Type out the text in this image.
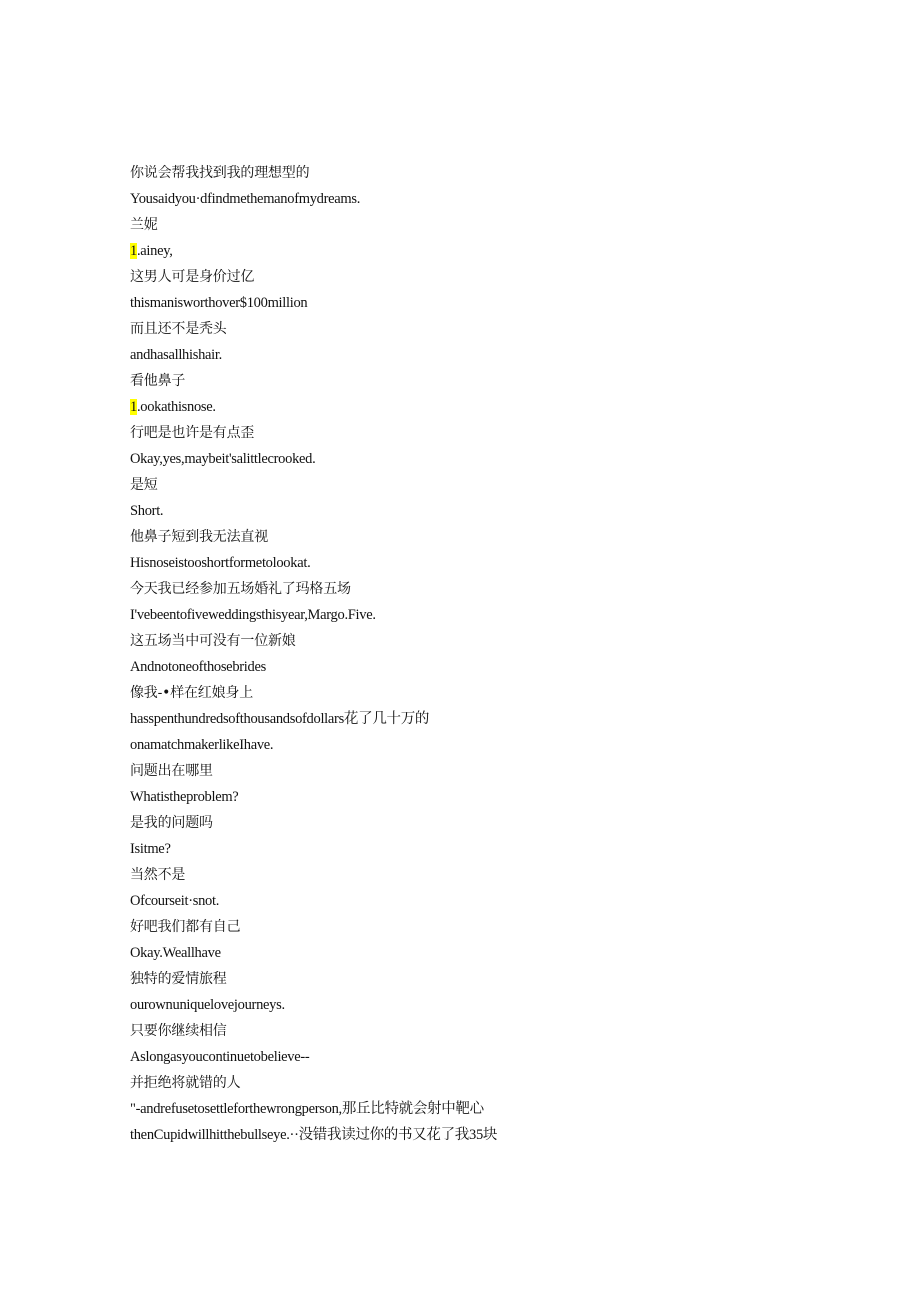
你说会帮我找到我的理想型的
Yousaidyou·dfindmethemanofmydreams.
兰妮
1.ainey,
这男人可是身价过亿
thismanisworthover$100million
而且还不是秃头
andhasallhishair.
看他鼻子
1.ookathisnose.
行吧是也许是有点歪
Okay,yes,maybeit'salittlecrooked.
是短
Short.
他鼻子短到我无法直视
Hisnoseistooshortformetolookat.
今天我已经参加五场婚礼了玛格五场
I'vebeentofiveweddingsthisyear,Margo.Five.
这五场当中可没有一位新娘
Andnotoneofthosebrides
像我-•样在红娘身上
hasspenthundredsofthousandsofdollars花了几十万的
onamatchmakerlikeIhave.
问题出在哪里
Whatistheproblem?
是我的问题吗
Isitme?
当然不是
Ofcourseit·snot.
好吧我们都有自己
Okay.Weallhave
独特的爱情旅程
ourownuniquelovejourneys.
只要你继续相信
Aslongasyoucontinuetobelieve--
并拒绝将就错的人
"-andrefusetosettleforthewrongperson,那丘比特就会射中靶心
thenCupidwillhitthebullseye.··没错我读过你的书又花了我35块
